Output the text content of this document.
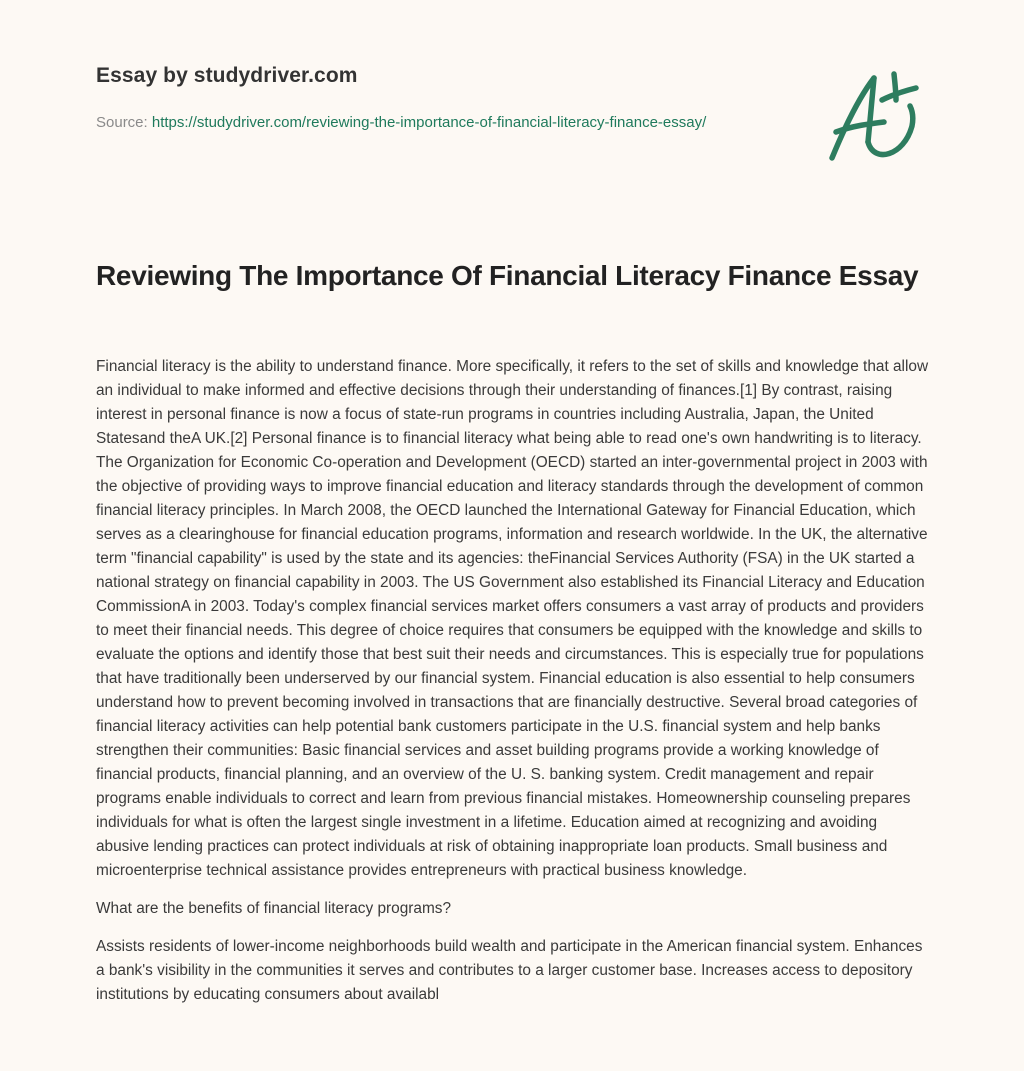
Essay by studydriver.com
Source: https://studydriver.com/reviewing-the-importance-of-financial-literacy-finance-essay/
Reviewing The Importance Of Financial Literacy Finance Essay

Financial literacy is the ability to understand finance. More specifically, it refers to the set of skills and knowledge that allow an individual to make informed and effective decisions through their understanding of finances.[1] By contrast, raising interest in personal finance is now a focus of state-run programs in countries including Australia, Japan, the United Statesand theA UK.[2] Personal finance is to financial literacy what being able to read one's own handwriting is to literacy. The Organization for Economic Co-operation and Development (OECD) started an inter-governmental project in 2003 with the objective of providing ways to improve financial education and literacy standards through the development of common financial literacy principles. In March 2008, the OECD launched the International Gateway for Financial Education, which serves as a clearinghouse for financial education programs, information and research worldwide. In the UK, the alternative term "financial capability" is used by the state and its agencies: theFinancial Services Authority (FSA) in the UK started a national strategy on financial capability in 2003. The US Government also established its Financial Literacy and Education CommissionA in 2003. Today's complex financial services market offers consumers a vast array of products and providers to meet their financial needs. This degree of choice requires that consumers be equipped with the knowledge and skills to evaluate the options and identify those that best suit their needs and circumstances. This is especially true for populations that have traditionally been underserved by our financial system. Financial education is also essential to help consumers understand how to prevent becoming involved in transactions that are financially destructive. Several broad categories of financial literacy activities can help potential bank customers participate in the U.S. financial system and help banks strengthen their communities: Basic financial services and asset building programs provide a working knowledge of financial products, financial planning, and an overview of the U. S. banking system. Credit management and repair programs enable individuals to correct and learn from previous financial mistakes. Homeownership counseling prepares individuals for what is often the largest single investment in a lifetime. Education aimed at recognizing and avoiding abusive lending practices can protect individuals at risk of obtaining inappropriate loan products. Small business and microenterprise technical assistance provides entrepreneurs with practical business knowledge.

What are the benefits of financial literacy programs?

Assists residents of lower-income neighborhoods build wealth and participate in the American financial system. Enhances a bank's visibility in the communities it serves and contributes to a larger customer base. Increases access to depository institutions by educating consumers about availabl
